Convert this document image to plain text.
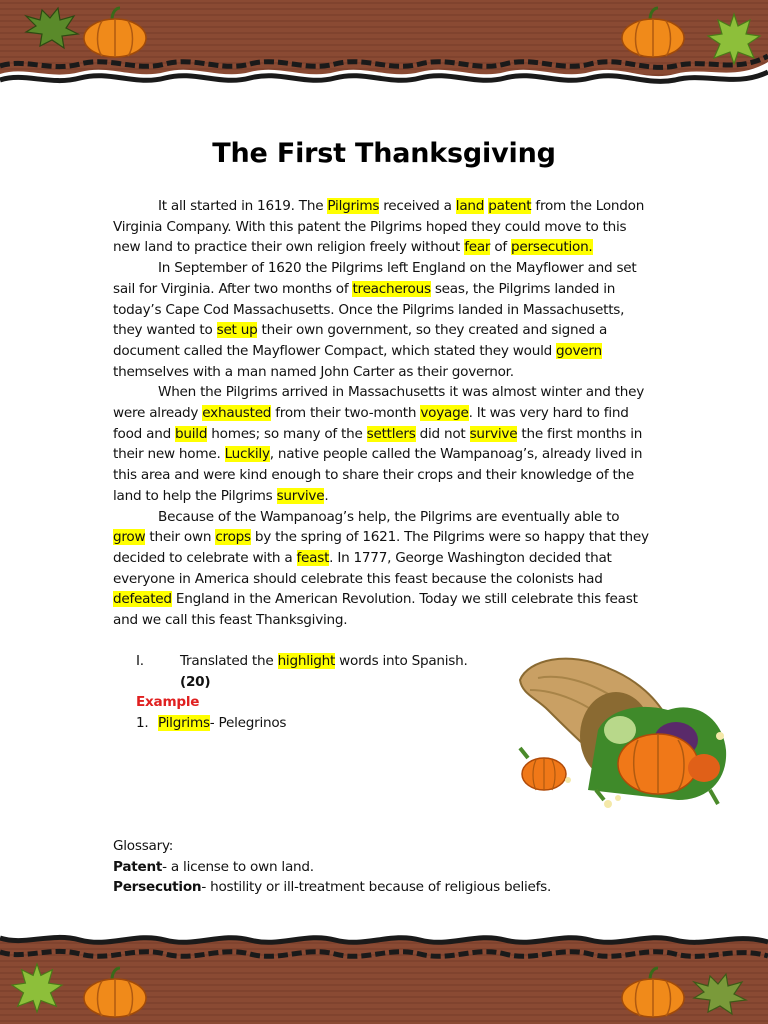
The First Thanksgiving

It all started in 1619. The Pilgrims received a land patent from the London Virginia Company. With this patent the Pilgrims hoped they could move to this new land to practice their own religion freely without fear of persecution.

In September of 1620 the Pilgrims left England on the Mayflower and set sail for Virginia. After two months of treacherous seas, the Pilgrims landed in today’s Cape Cod Massachusetts. Once the Pilgrims landed in Massachusetts, they wanted to set up their own government, so they created and signed a document called the Mayflower Compact, which stated they would govern themselves with a man named John Carter as their governor.

When the Pilgrims arrived in Massachusetts it was almost winter and they were already exhausted from their two-month voyage. It was very hard to find food and build homes; so many of the settlers did not survive the first months in their new home. Luckily, native people called the Wampanoag’s, already lived in this area and were kind enough to share their crops and their knowledge of the land to help the Pilgrims survive.

Because of the Wampanoag’s help, the Pilgrims are eventually able to grow their own crops by the spring of 1621. The Pilgrims were so happy that they decided to celebrate with a feast. In 1777, George Washington decided that everyone in America should celebrate this feast because the colonists had defeated England in the American Revolution. Today we still celebrate this feast and we call this feast Thanksgiving.

I.	Translated the highlight words into Spanish.
(20)
Example
1. Pilgrims- Pelegrinos
Glossary:
Patent- a license to own land.
Persecution- hostility or ill-treatment because of religious beliefs.
